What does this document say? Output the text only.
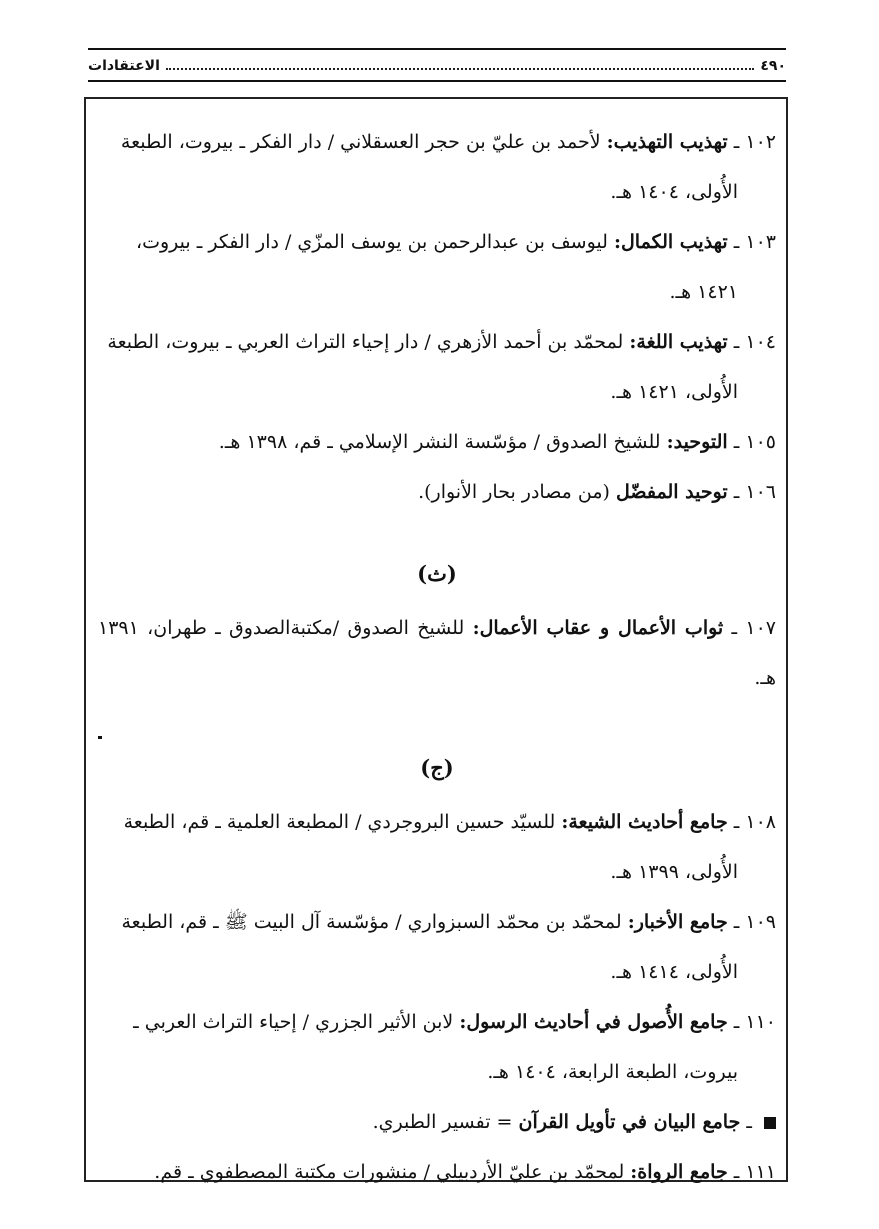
٤٩٠
الاعتقادات
١٠٢ ـ تهذيب التهذيب: لأحمد بن عليّ بن حجر العسقلاني / دار الفكر ـ بيروت، الطبعة
الأُولى، ١٤٠٤ هـ.
١٠٣ ـ تهذيب الكمال: ليوسف بن عبدالرحمن بن يوسف المزّي / دار الفكر ـ بيروت،
١٤٢١ هـ.
١٠٤ ـ تهذيب اللغة: لمحمّد بن أحمد الأزهري / دار إحياء التراث العربي ـ بيروت، الطبعة
الأُولى، ١٤٢١ هـ.
١٠٥ ـ التوحيد: للشيخ الصدوق / مؤسّسة النشر الإسلامي ـ قم، ١٣٩٨ هـ.
١٠٦ ـ توحيد المفضّل (من مصادر بحار الأنوار).
(ث)
١٠٧ ـ ثواب الأعمال و عقاب الأعمال: للشيخ الصدوق /مكتبةالصدوق ـ طهران، ١٣٩١ هـ.
(ج)
١٠٨ ـ جامع أحاديث الشيعة: للسيّد حسين البروجردي / المطبعة العلمية ـ قم، الطبعة
الأُولى، ١٣٩٩ هـ.
١٠٩ ـ جامع الأخبار: لمحمّد بن محمّد السبزواري / مؤسّسة آل البيت ﷺ ـ قم، الطبعة
الأُولى، ١٤١٤ هـ.
١١٠ ـ جامع الأُصول في أحاديث الرسول: لابن الأثير الجزري / إحياء التراث العربي ـ
بيروت، الطبعة الرابعة، ١٤٠٤ هـ.
ـ جامع البيان في تأويل القرآن = تفسير الطبري.
١١١ ـ جامع الرواة: لمحمّد بن عليّ الأردبيلي / منشورات مكتبة المصطفوي ـ قم.
